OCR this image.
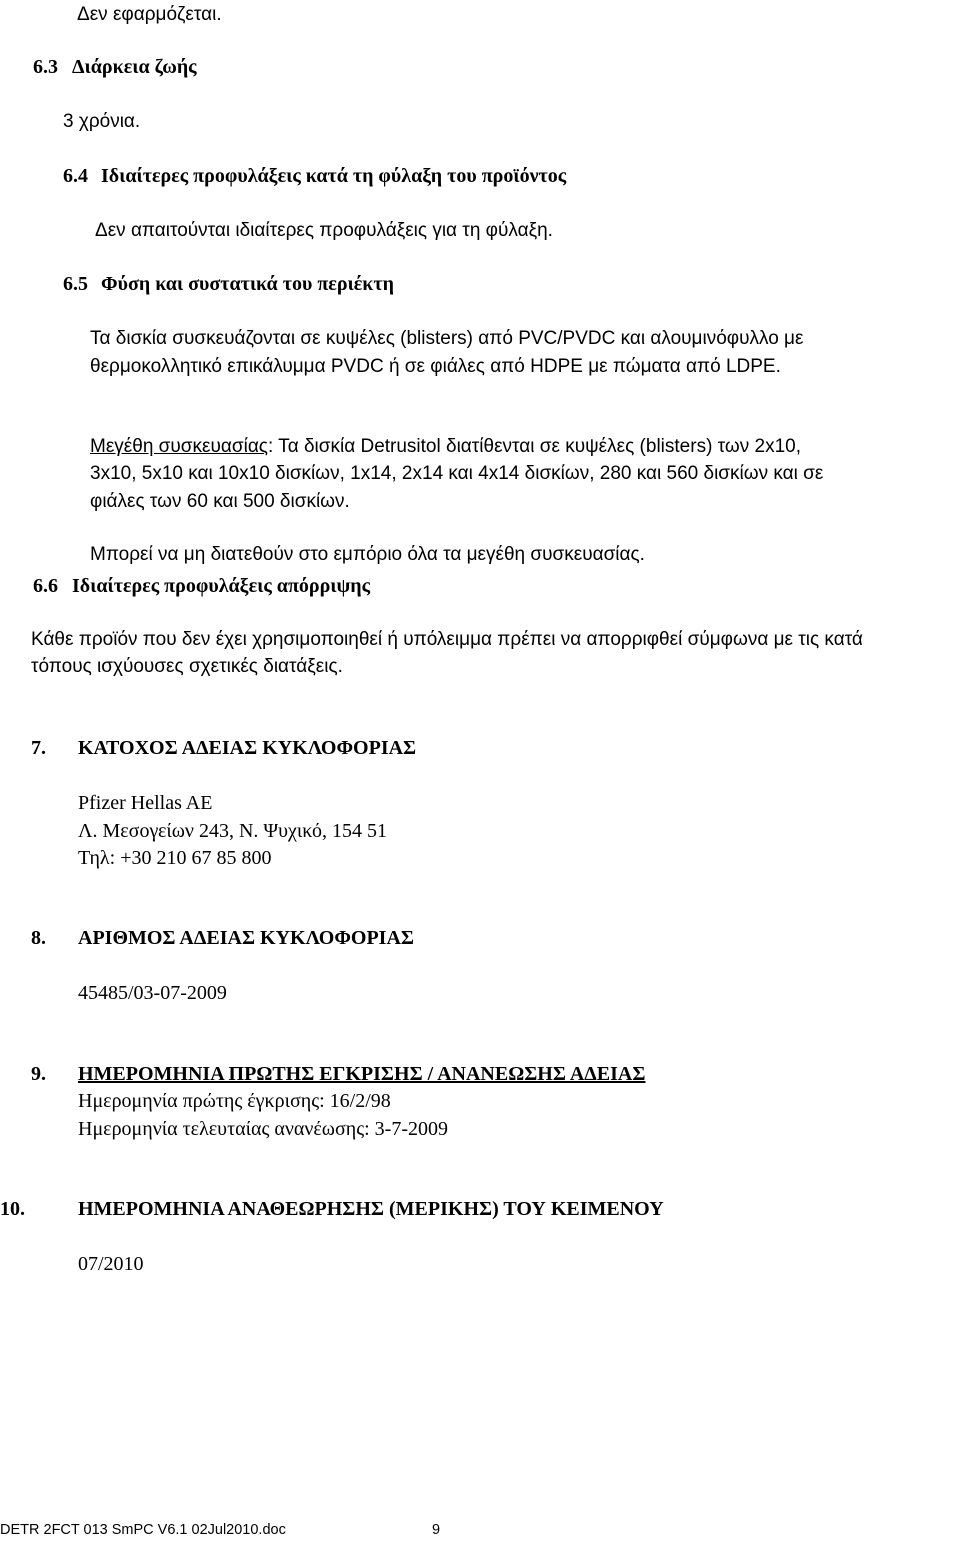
Δεν εφαρμόζεται.
6.3 Διάρκεια ζωής
3 χρόνια.
6.4 Ιδιαίτερες προφυλάξεις κατά τη φύλαξη του προϊόντος
Δεν απαιτούνται ιδιαίτερες προφυλάξεις για τη φύλαξη.
6.5 Φύση και συστατικά του περιέκτη
Τα δισκία συσκευάζονται σε κυψέλες (blisters) από PVC/PVDC και αλουμινόφυλλο με
θερμοκολλητικό επικάλυμμα PVDC ή σε φιάλες από HDPE με πώματα από LDPE.
Μεγέθη συσκευασίας: Τα δισκία Detrusitol διατίθενται σε κυψέλες (blisters) των 2x10,
3x10, 5x10 και 10x10 δισκίων, 1x14, 2x14 και 4x14 δισκίων, 280 και 560 δισκίων και σε
φιάλες των 60 και 500 δισκίων.
Μπορεί να μη διατεθούν στο εμπόριο όλα τα μεγέθη συσκευασίας.
6.6 Ιδιαίτερες προφυλάξεις απόρριψης
Κάθε προϊόν που δεν έχει χρησιμοποιηθεί ή υπόλειμμα πρέπει να απορριφθεί σύμφωνα με τις κατά
τόπους ισχύουσες σχετικές διατάξεις.
7. ΚΑΤΟΧΟΣ ΑΔΕΙΑΣ ΚΥΚΛΟΦΟΡΙΑΣ
Pfizer Hellas AE
Λ. Μεσογείων 243, Ν. Ψυχικό, 154 51
Τηλ: +30 210 67 85 800
8. ΑΡΙΘΜΟΣ ΑΔΕΙΑΣ ΚΥΚΛΟΦΟΡΙΑΣ
45485/03-07-2009
9. ΗΜΕΡΟΜΗΝΙΑ ΠΡΩΤΗΣ ΕΓΚΡΙΣΗΣ / ΑΝΑΝΕΩΣΗΣ ΑΔΕΙΑΣ
Ημερομηνία πρώτης έγκρισης: 16/2/98
Ημερομηνία τελευταίας ανανέωσης: 3-7-2009
10.	ΗΜΕΡΟΜΗΝΙΑ ΑΝΑΘΕΩΡΗΣΗΣ (ΜΕΡΙΚΗΣ) ΤΟΥ ΚΕΙΜΕΝΟΥ
07/2010
DETR 2FCT 013 SmPC V6.1 02Jul2010.doc	9
